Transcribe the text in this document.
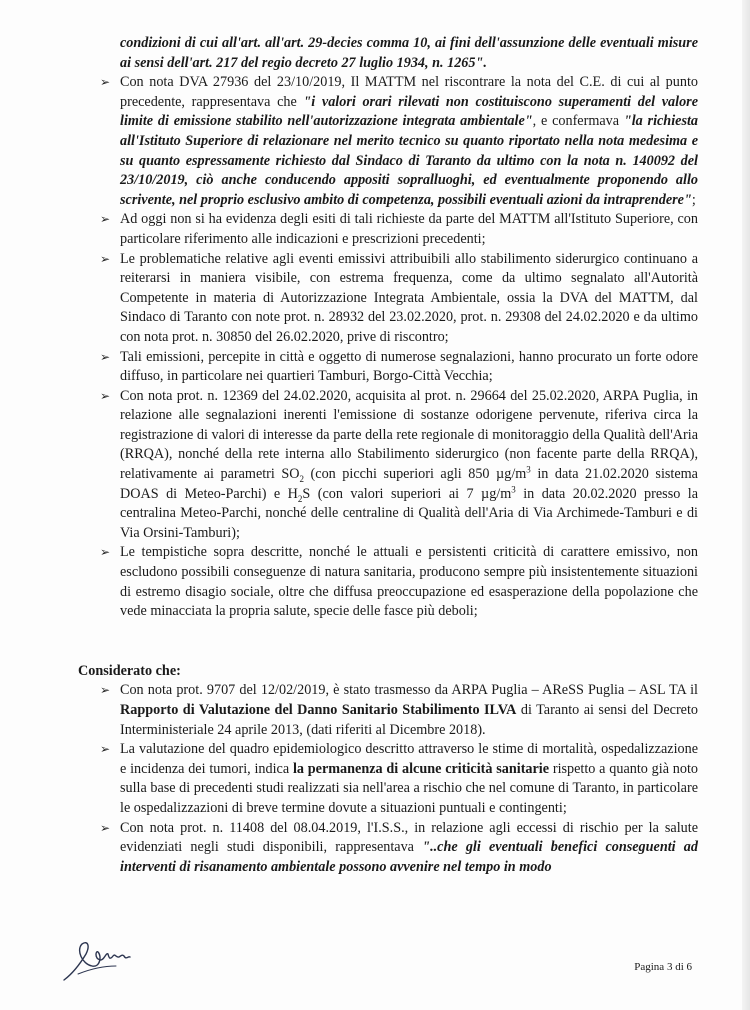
condizioni di cui all'art. all'art. 29-decies comma 10, ai fini dell'assunzione delle eventuali misure ai sensi dell'art. 217 del regio decreto 27 luglio 1934, n. 1265".
➢ Con nota DVA 27936 del 23/10/2019, Il MATTM nel riscontrare la nota del C.E. di cui al punto precedente, rappresentava che "i valori orari rilevati non costituiscono superamenti del valore limite di emissione stabilito nell'autorizzazione integrata ambientale", e confermava "la richiesta all'Istituto Superiore di relazionare nel merito tecnico su quanto riportato nella nota medesima e su quanto espressamente richiesto dal Sindaco di Taranto da ultimo con la nota n. 140092 del 23/10/2019, ciò anche conducendo appositi sopralluoghi, ed eventualmente proponendo allo scrivente, nel proprio esclusivo ambito di competenza, possibili eventuali azioni da intraprendere";
➢ Ad oggi non si ha evidenza degli esiti di tali richieste da parte del MATTM all'Istituto Superiore, con particolare riferimento alle indicazioni e prescrizioni precedenti;
➢ Le problematiche relative agli eventi emissivi attribuibili allo stabilimento siderurgico continuano a reiterarsi in maniera visibile, con estrema frequenza, come da ultimo segnalato all'Autorità Competente in materia di Autorizzazione Integrata Ambientale, ossia la DVA del MATTM, dal Sindaco di Taranto con note prot. n. 28932 del 23.02.2020, prot. n. 29308 del 24.02.2020 e da ultimo con nota prot. n. 30850 del 26.02.2020, prive di riscontro;
➢ Tali emissioni, percepite in città e oggetto di numerose segnalazioni, hanno procurato un forte odore diffuso, in particolare nei quartieri Tamburi, Borgo-Città Vecchia;
➢ Con nota prot. n. 12369 del 24.02.2020, acquisita al prot. n. 29664 del 25.02.2020, ARPA Puglia, in relazione alle segnalazioni inerenti l'emissione di sostanze odorigene pervenute, riferiva circa la registrazione di valori di interesse da parte della rete regionale di monitoraggio della Qualità dell'Aria (RRQA), nonché della rete interna allo Stabilimento siderurgico (non facente parte della RRQA), relativamente ai parametri $SO_2$ (con picchi superiori agli 850 $\mu g/m^3$ in data 21.02.2020 sistema DOAS di Meteo-Parchi) e $H_2S$ (con valori superiori ai 7 $\mu g/m^3$ in data 20.02.2020 presso la centralina Meteo-Parchi, nonché delle centraline di Qualità dell'Aria di Via Archimede-Tamburi e di Via Orsini-Tamburi);
➢ Le tempistiche sopra descritte, nonché le attuali e persistenti criticità di carattere emissivo, non escludono possibili conseguenze di natura sanitaria, producono sempre più insistentemente situazioni di estremo disagio sociale, oltre che diffusa preoccupazione ed esasperazione della popolazione che vede minacciata la propria salute, specie delle fasce più deboli;
Considerato che:
➢ Con nota prot. 9707 del 12/02/2019, è stato trasmesso da ARPA Puglia – AReSS Puglia – ASL TA il Rapporto di Valutazione del Danno Sanitario Stabilimento ILVA di Taranto ai sensi del Decreto Interministeriale 24 aprile 2013, (dati riferiti al Dicembre 2018).
➢ La valutazione del quadro epidemiologico descritto attraverso le stime di mortalità, ospedalizzazione e incidenza dei tumori, indica la permanenza di alcune criticità sanitarie rispetto a quanto già noto sulla base di precedenti studi realizzati sia nell'area a rischio che nel comune di Taranto, in particolare le ospedalizzazioni di breve termine dovute a situazioni puntuali e contingenti;
➢ Con nota prot. n. 11408 del 08.04.2019, l'I.S.S., in relazione agli eccessi di rischio per la salute evidenziati negli studi disponibili, rappresentava "..che gli eventuali benefici conseguenti ad interventi di risanamento ambientale possono avvenire nel tempo in modo
Pagina 3 di 6
